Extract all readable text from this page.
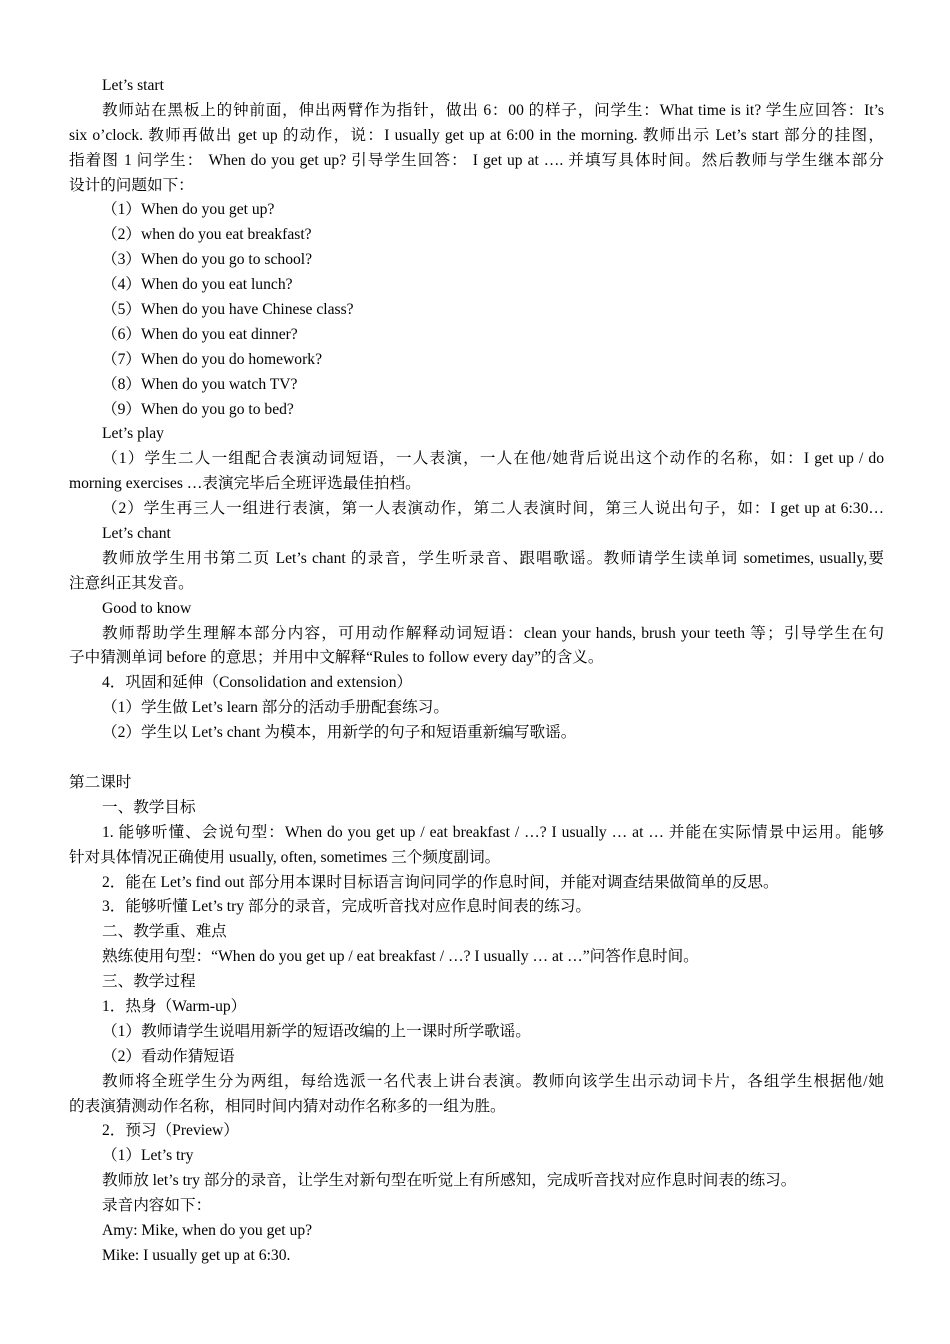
Let’s start
教师站在黑板上的钟前面，伸出两臂作为指针，做出 6：00 的样子，问学生：What time is it? 学生应回答：It’s
six o’clock. 教师再做出 get up 的动作，说：I usually get up at 6:00 in the morning. 教师出示 Let’s start 部分的挂图，
指着图 1 问学生： When do you get up? 引导学生回答： I get up at …. 并填写具体时间。然后教师与学生继本部分
设计的问题如下：
（1）When do you get up?
（2）when do you eat breakfast?
（3）When do you go to school?
（4）When do you eat lunch?
（5）When do you have Chinese class?
（6）When do you eat dinner?
（7）When do you do homework?
（8）When do you watch TV?
（9）When do you go to bed?
Let’s play
（1）学生二人一组配合表演动词短语，一人表演，一人在他/她背后说出这个动作的名称，如：I get up / do
morning exercises …表演完毕后全班评选最佳拍档。
（2）学生再三人一组进行表演，第一人表演动作，第二人表演时间，第三人说出句子，如：I get up at 6:30…
Let’s chant
教师放学生用书第二页 Let’s chant 的录音，学生听录音、跟唱歌谣。教师请学生读单词 sometimes, usually,要
注意纠正其发音。
Good to know
教师帮助学生理解本部分内容，可用动作解释动词短语：clean your hands, brush your teeth 等；引导学生在句
子中猜测单词 before 的意思；并用中文解释“Rules to follow every day”的含义。
4．巩固和延伸（Consolidation and extension）
（1）学生做 Let’s learn 部分的活动手册配套练习。
（2）学生以 Let’s chant 为模本，用新学的句子和短语重新编写歌谣。
第二课时
一、教学目标
1. 能够听懂、会说句型：When do you get up / eat breakfast / …? I usually … at … 并能在实际情景中运用。能够
针对具体情况正确使用 usually, often, sometimes 三个频度副词。
2．能在 Let’s find out 部分用本课时目标语言询问同学的作息时间，并能对调查结果做简单的反思。
3．能够听懂 Let’s try 部分的录音，完成听音找对应作息时间表的练习。
二、教学重、难点
熟练使用句型：“When do you get up / eat breakfast / …? I usually … at …”问答作息时间。
三、教学过程
1．热身（Warm-up）
（1）教师请学生说唱用新学的短语改编的上一课时所学歌谣。
（2）看动作猜短语
教师将全班学生分为两组，每给选派一名代表上讲台表演。教师向该学生出示动词卡片，各组学生根据他/她
的表演猜测动作名称，相同时间内猜对动作名称多的一组为胜。
2．预习（Preview）
（1）Let’s try
教师放 let’s try 部分的录音，让学生对新句型在听觉上有所感知，完成听音找对应作息时间表的练习。
录音内容如下：
Amy: Mike, when do you get up?
Mike: I usually get up at 6:30.
